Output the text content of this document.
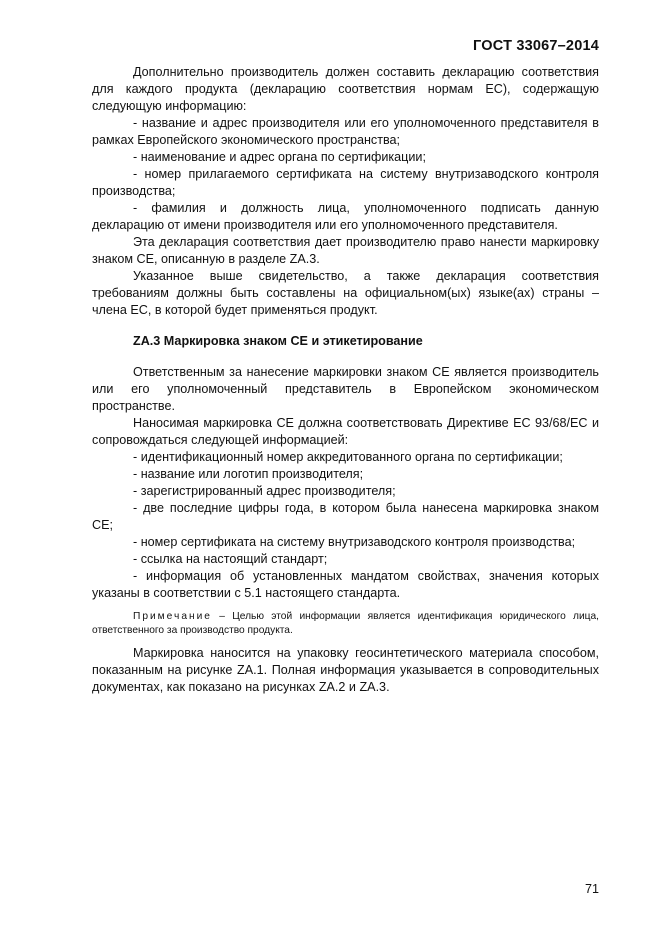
ГОСТ 33067–2014

Дополнительно производитель должен составить декларацию соответствия для каждого продукта (декларацию соответствия нормам ЕС), содержащую следующую информацию:

- название и адрес производителя или его уполномоченного представителя в рамках Европейского экономического пространства;

- наименование и адрес органа по сертификации;

- номер прилагаемого сертификата на систему внутризаводского контроля производства;

- фамилия и должность лица, уполномоченного подписать данную декларацию от имени производителя или его уполномоченного представителя.

Эта декларация соответствия дает производителю право нанести маркировку знаком СЕ, описанную в разделе ZA.3.

Указанное выше свидетельство, а также декларация соответствия требованиям должны быть составлены на официальном(ых) языке(ах) страны – члена ЕС, в которой будет применяться продукт.

ZA.3 Маркировка знаком СЕ и этикетирование

Ответственным за нанесение маркировки знаком СЕ является производитель или его уполномоченный представитель в Европейском экономическом пространстве.

Наносимая маркировка СЕ должна соответствовать Директиве ЕС 93/68/ЕС и сопровождаться следующей информацией:

- идентификационный номер аккредитованного органа по сертификации;

- название или логотип производителя;

- зарегистрированный адрес производителя;

- две последние цифры года, в котором была нанесена маркировка знаком СЕ;

- номер сертификата на систему внутризаводского контроля производства;

- ссылка на настоящий стандарт;

- информация об установленных мандатом свойствах, значения которых указаны в соответствии с 5.1 настоящего стандарта.

Примечание – Целью этой информации является идентификация юридического лица, ответственного за производство продукта.

Маркировка наносится на упаковку геосинтетического материала способом, показанным на рисунке ZA.1. Полная информация указывается в сопроводительных документах, как показано на рисунках ZA.2 и ZA.3.

71
